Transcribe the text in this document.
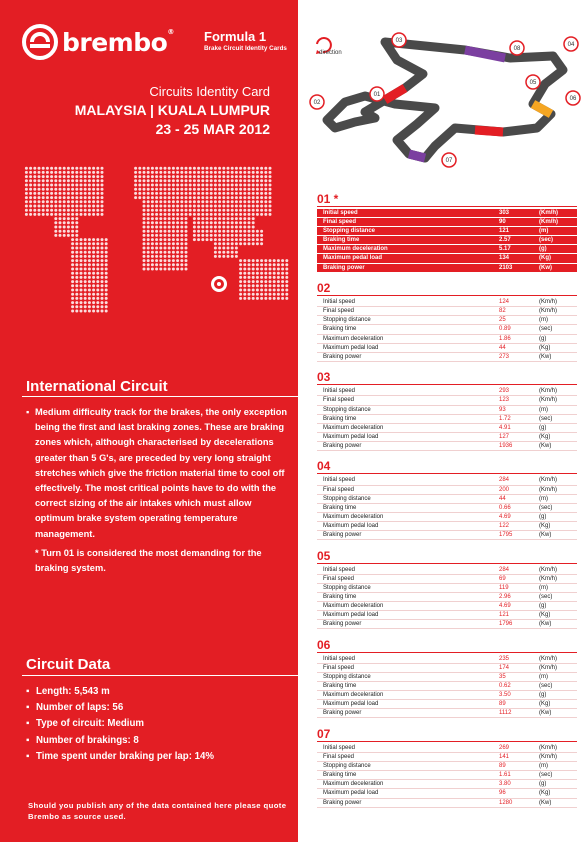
brembo® Formula 1
Brake Circuit Identity Cards
Circuits Identity Card
MALAYSIA | KUALA LUMPUR
23 - 25 MAR 2012
International Circuit
▪ Medium difficulty track for the brakes, the only exception being the first and last braking zones. These are braking zones which, although characterised by decelerations greater than 5 G's, are preceded by very long straight stretches which give the friction material time to cool off effectively. The most critical points have to do with the correct sizing of the air intakes which must allow optimum brake system operating temperature management.
* Turn 01 is considered the most demanding for the braking system.
Circuit Data
▪ Length: 5,543 m
▪ Number of laps: 56
▪ Type of circuit: Medium
▪ Number of brakings: 8
▪ Time spent under braking per lap: 14%
Should you publish any of the data contained here please quote Brembo as source used.
direction
01
02
03
04
05
06
07
08
01 *
Initial speed	303	(Km/h)
Final speed	90	(Km/h)
Stopping distance	121	(m)
Braking time	2.57	(sec)
Maximum deceleration	5.17	(g)
Maximum pedal load	134	(Kg)
Braking power	2103	(Kw)
02
Initial speed	124	(Km/h)
Final speed	82	(Km/h)
Stopping distance	25	(m)
Braking time	0.89	(sec)
Maximum deceleration	1.86	(g)
Maximum pedal load	44	(Kg)
Braking power	273	(Kw)
03
Initial speed	293	(Km/h)
Final speed	123	(Km/h)
Stopping distance	93	(m)
Braking time	1.72	(sec)
Maximum deceleration	4.91	(g)
Maximum pedal load	127	(Kg)
Braking power	1936	(Kw)
04
Initial speed	284	(Km/h)
Final speed	200	(Km/h)
Stopping distance	44	(m)
Braking time	0.66	(sec)
Maximum deceleration	4.69	(g)
Maximum pedal load	122	(Kg)
Braking power	1795	(Kw)
05
Initial speed	284	(Km/h)
Final speed	69	(Km/h)
Stopping distance	119	(m)
Braking time	2.96	(sec)
Maximum deceleration	4.69	(g)
Maximum pedal load	121	(Kg)
Braking power	1796	(Kw)
06
Initial speed	235	(Km/h)
Final speed	174	(Km/h)
Stopping distance	35	(m)
Braking time	0.62	(sec)
Maximum deceleration	3.50	(g)
Maximum pedal load	89	(Kg)
Braking power	1112	(Kw)
07
Initial speed	269	(Km/h)
Final speed	141	(Km/h)
Stopping distance	89	(m)
Braking time	1.61	(sec)
Maximum deceleration	3.80	(g)
Maximum pedal load	96	(Kg)
Braking power	1280	(Kw)
